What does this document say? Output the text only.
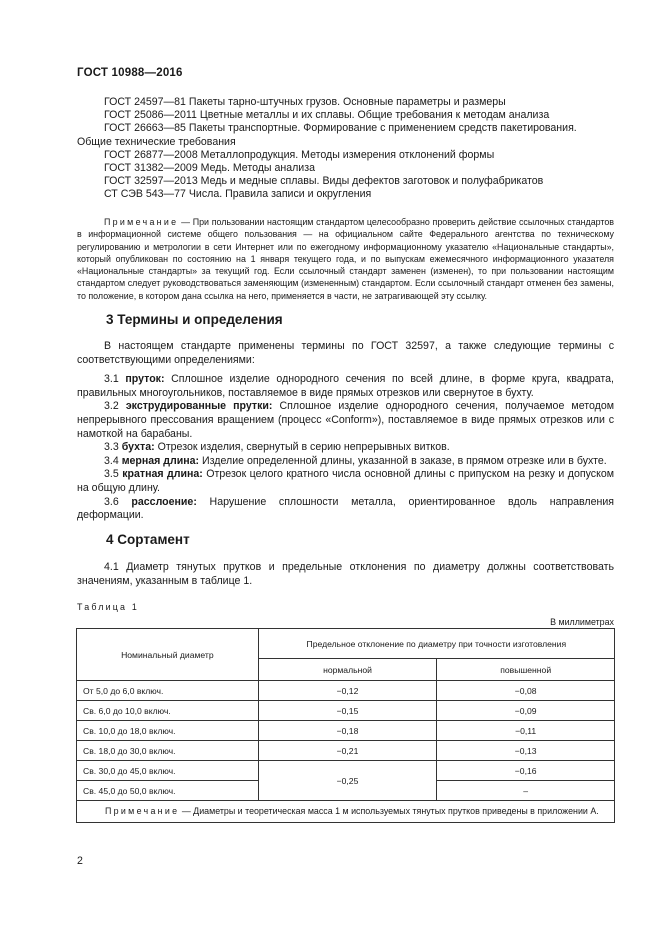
ГОСТ 10988—2016
ГОСТ 24597—81 Пакеты тарно-штучных грузов. Основные параметры и размеры
ГОСТ 25086—2011 Цветные металлы и их сплавы. Общие требования к методам анализа
ГОСТ 26663—85 Пакеты транспортные. Формирование с применением средств пакетирования. Общие технические требования
ГОСТ 26877—2008 Металлопродукция. Методы измерения отклонений формы
ГОСТ 31382—2009 Медь. Методы анализа
ГОСТ 32597—2013 Медь и медные сплавы. Виды дефектов заготовок и полуфабрикатов
СТ СЭВ 543—77 Числа. Правила записи и округления
Примечание — При пользовании настоящим стандартом целесообразно проверить действие ссылочных стандартов в информационной системе общего пользования — на официальном сайте Федерального агентства по техническому регулированию и метрологии в сети Интернет или по ежегодному информационному указателю «Национальные стандарты», который опубликован по состоянию на 1 января текущего года, и по выпускам ежемесячного информационного указателя «Национальные стандарты» за текущий год. Если ссылочный стандарт заменен (изменен), то при пользовании настоящим стандартом следует руководствоваться заменяющим (измененным) стандартом. Если ссылочный стандарт отменен без замены, то положение, в котором дана ссылка на него, применяется в части, не затрагивающей эту ссылку.
3 Термины и определения

В настоящем стандарте применены термины по ГОСТ 32597, а также следующие термины с соответствующими определениями:

3.1 пруток: Сплошное изделие однородного сечения по всей длине, в форме круга, квадрата, правильных многоугольников, поставляемое в виде прямых отрезков или свернутое в бухту.

3.2 экструдированные прутки: Сплошное изделие однородного сечения, получаемое методом непрерывного прессования вращением (процесс «Conform»), поставляемое в виде прямых отрезков или с намоткой на барабаны.

3.3 бухта: Отрезок изделия, свернутый в серию непрерывных витков.

3.4 мерная длина: Изделие определенной длины, указанной в заказе, в прямом отрезке или в бухте.

3.5 кратная длина: Отрезок целого кратного числа основной длины с припуском на резку и допуском на общую длину.

3.6 расслоение: Нарушение сплошности металла, ориентированное вдоль направления деформации.

4 Сортамент

4.1 Диаметр тянутых прутков и предельные отклонения по диаметру должны соответствовать значениям, указанным в таблице 1.

Таблица 1
В миллиметрах
Номинальный диаметр	Предельное отклонение по диаметру при точности изготовления	
	нормальной	повышенной
От 5,0 до 6,0 включ.	−0,12	−0,08
Св. 6,0 до 10,0 включ.	−0,15	−0,09
Св. 10,0 до 18,0 включ.	−0,18	−0,11
Св. 18,0 до 30,0 включ.	−0,21	−0,13
Св. 30,0 до 45,0 включ.	−0,25	−0,16
Св. 45,0 до 50,0 включ.		–
Примечание — Диаметры и теоретическая масса 1 м используемых тянутых прутков приведены в приложении А.		
2
